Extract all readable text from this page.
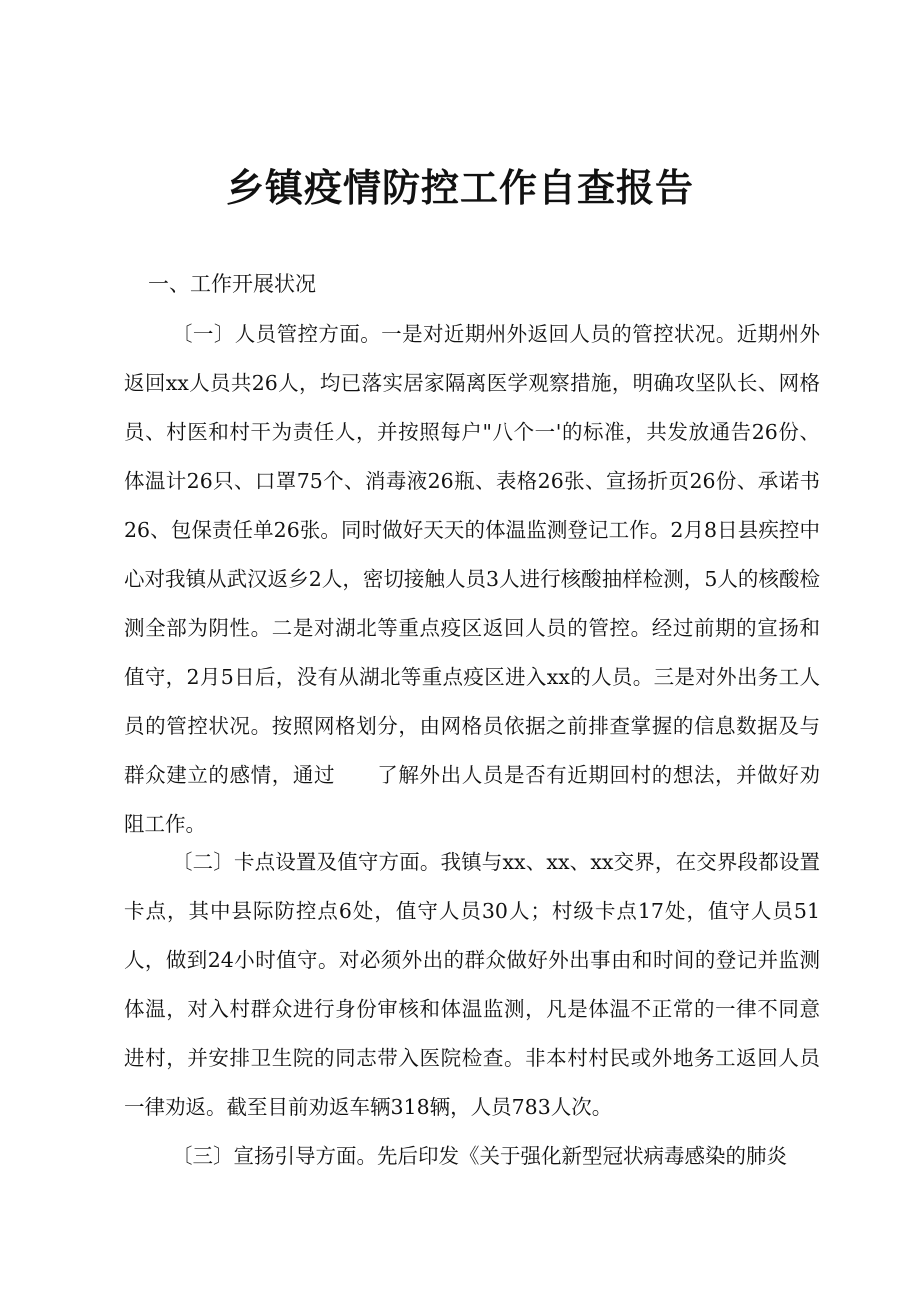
乡镇疫情防控工作自查报告

一、工作开展状况

〔一〕人员管控方面。一是对近期州外返回人员的管控状况。近期州外返回xx人员共26人，均已落实居家隔离医学观察措施，明确攻坚队长、网格员、村医和村干为责任人，并按照每户"八个一'的标准，共发放通告26份、体温计26只、口罩75个、消毒液26瓶、表格26张、宣扬折页26份、承诺书26、包保责任单26张。同时做好天天的体温监测登记工作。2月8日县疾控中心对我镇从武汉返乡2人，密切接触人员3人进行核酸抽样检测，5人的核酸检测全部为阴性。二是对湖北等重点疫区返回人员的管控。经过前期的宣扬和值守，2月5日后，没有从湖北等重点疫区进入xx的人员。三是对外出务工人员的管控状况。按照网格划分，由网格员依据之前排查掌握的信息数据及与群众建立的感情，通过　　了解外出人员是否有近期回村的想法，并做好劝阻工作。

〔二〕卡点设置及值守方面。我镇与xx、xx、xx交界，在交界段都设置卡点，其中县际防控点6处，值守人员30人；村级卡点17处，值守人员51人，做到24小时值守。对必须外出的群众做好外出事由和时间的登记并监测体温，对入村群众进行身份审核和体温监测，凡是体温不正常的一律不同意进村，并安排卫生院的同志带入医院检查。非本村村民或外地务工返回人员一律劝返。截至目前劝返车辆318辆，人员783人次。

〔三〕宣扬引导方面。先后印发《关于强化新型冠状病毒感染的肺炎
